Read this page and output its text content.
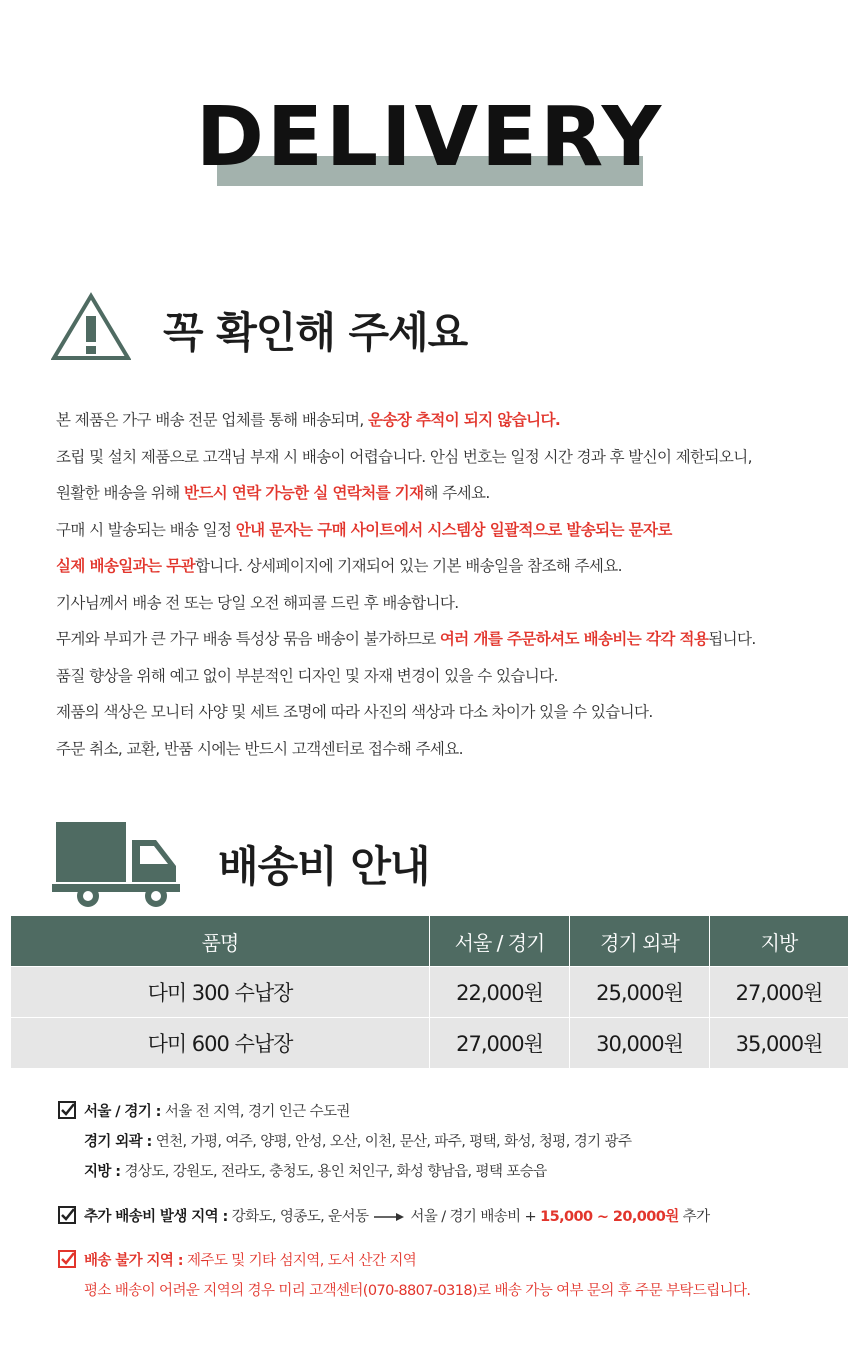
DELIVERY
꼭 확인해 주세요
본 제품은 가구 배송 전문 업체를 통해 배송되며, 운송장 추적이 되지 않습니다.
조립 및 설치 제품으로 고객님 부재 시 배송이 어렵습니다. 안심 번호는 일정 시간 경과 후 발신이 제한되오니,
원활한 배송을 위해 반드시 연락 가능한 실 연락처를 기재해 주세요.
구매 시 발송되는 배송 일정 안내 문자는 구매 사이트에서 시스템상 일괄적으로 발송되는 문자로
실제 배송일과는 무관합니다. 상세페이지에 기재되어 있는 기본 배송일을 참조해 주세요.
기사님께서 배송 전 또는 당일 오전 해피콜 드린 후 배송합니다.
무게와 부피가 큰 가구 배송 특성상 묶음 배송이 불가하므로 여러 개를 주문하셔도 배송비는 각각 적용됩니다.
품질 향상을 위해 예고 없이 부분적인 디자인 및 자재 변경이 있을 수 있습니다.
제품의 색상은 모니터 사양 및 세트 조명에 따라 사진의 색상과 다소 차이가 있을 수 있습니다.
주문 취소, 교환, 반품 시에는 반드시 고객센터로 접수해 주세요.
배송비 안내
품명	서울 / 경기	경기 외곽	지방
다미 300 수납장	22,000원	25,000원	27,000원
다미 600 수납장	27,000원	30,000원	35,000원
서울 / 경기 : 서울 전 지역, 경기 인근 수도권
경기 외곽 : 연천, 가평, 여주, 양평, 안성, 오산, 이천, 문산, 파주, 평택, 화성, 청평, 경기 광주
지방 : 경상도, 강원도, 전라도, 충청도, 용인 처인구, 화성 향남읍, 평택 포승읍
추가 배송비 발생 지역 : 강화도, 영종도, 운서동	서울 / 경기 배송비 + 15,000 ~ 20,000원 추가
배송 불가 지역 : 제주도 및 기타 섬지역, 도서 산간 지역
평소 배송이 어려운 지역의 경우 미리 고객센터(070-8807-0318)로 배송 가능 여부 문의 후 주문 부탁드립니다.
